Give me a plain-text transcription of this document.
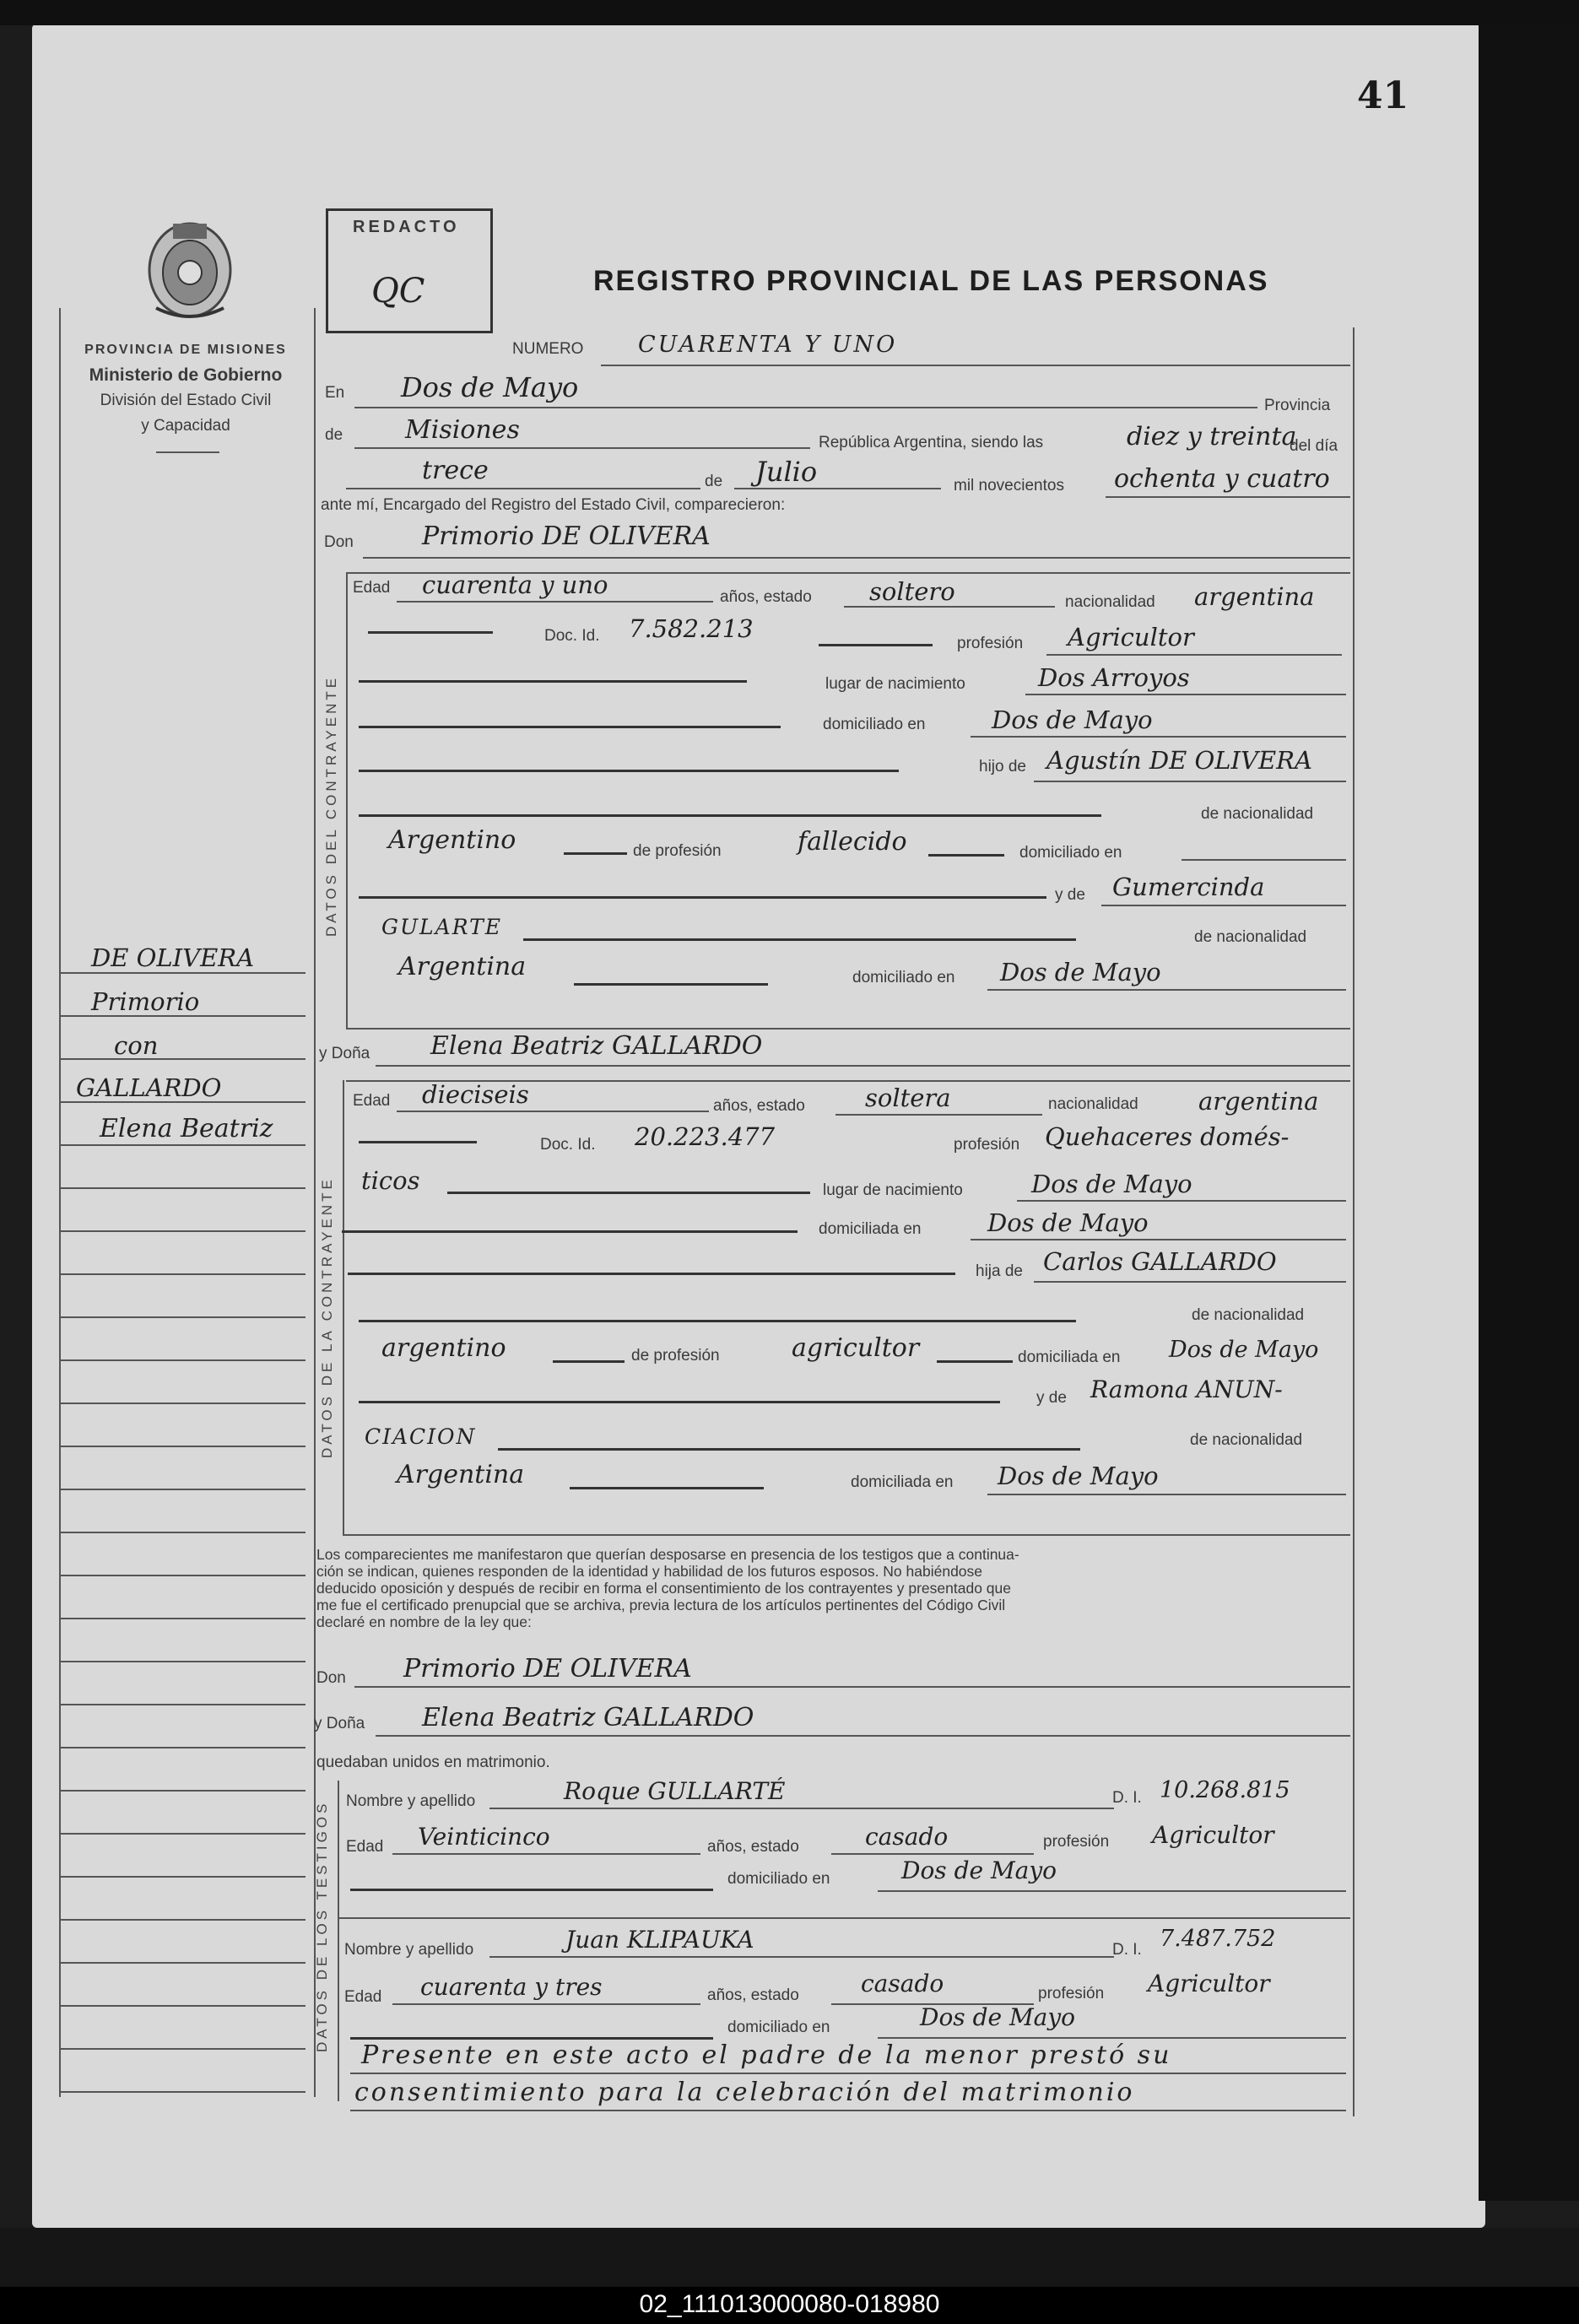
41
PROVINCIA DE MISIONES
Ministerio de Gobierno
División del Estado Civil
y Capacidad
REDACTO
QC	REGISTRO PROVINCIAL DE LAS PERSONAS
DE OLIVERA
Primorio
con
GALLARDO
Elena Beatriz
NUMERO CUARENTA Y UNO
En Dos de Mayo
Provincia
de Misiones	República Argentina, siendo las	diez y treinta
del día
trece	de Julio	mil novecientos ochenta y cuatro
ante mí, Encargado del Registro del Estado Civil, comparecieron:
Don	Primorio DE OLIVERA
DATOS DEL CONTRAYENTE
Edad cuarenta y uno	años, estado soltero	nacionalidad argentina
Doc. Id. 7.582.213
profesión Agricultor
lugar de nacimiento	Dos Arroyos
domiciliado en	Dos de Mayo
hijo de Agustín DE OLIVERA
de nacionalidad
Argentino	de profesión	fallecido	domiciliado en
y de Gumercinda
GULARTE	de nacionalidad
Argentina	domiciliado en Dos de Mayo
y Doña Elena Beatriz GALLARDO
DATOS DE LA CONTRAYENTE
Edad dieciseis	años, estado soltera	nacionalidad argentina
Doc. Id. 20.223.477	profesión Quehaceres domés-
ticos	lugar de nacimiento	Dos de Mayo
domiciliada en	Dos de Mayo
hija de Carlos GALLARDO
de nacionalidad
argentino	de profesión	agricultor	domiciliada en Dos de Mayo
y de Ramona ANUN-
CIACION	de nacionalidad
Argentina	domiciliada en Dos de Mayo
Los comparecientes me manifestaron que querían desposarse en presencia de los testigos que a continua-
ción se indican, quienes responden de la identidad y habilidad de los futuros esposos. No habiéndose
deducido oposición y después de recibir en forma el consentimiento de los contrayentes y presentado que
me fue el certificado prenupcial que se archiva, previa lectura de los artículos pertinentes del Código Civil
declaré en nombre de la ley que:
Don Primorio DE OLIVERA
y Doña Elena Beatriz GALLARDO
quedaban unidos en matrimonio.
DATOS DE LOS TESTIGOS Nombre y apellido	Roque GULLARTÉ	D. I. 10.268.815
Edad Veinticinco	años, estado	casado	profesión Agricultor
domiciliado en	Dos de Mayo
Nombre y apellido	Juan KLIPAUKA	D. I. 7.487.752
Edad cuarenta y tres	años, estado	casado	profesión Agricultor
domiciliado en	Dos de Mayo
Presente en este acto el padre de la menor prestó su
consentimiento para la celebración del matrimonio
02_111013000080-018980
